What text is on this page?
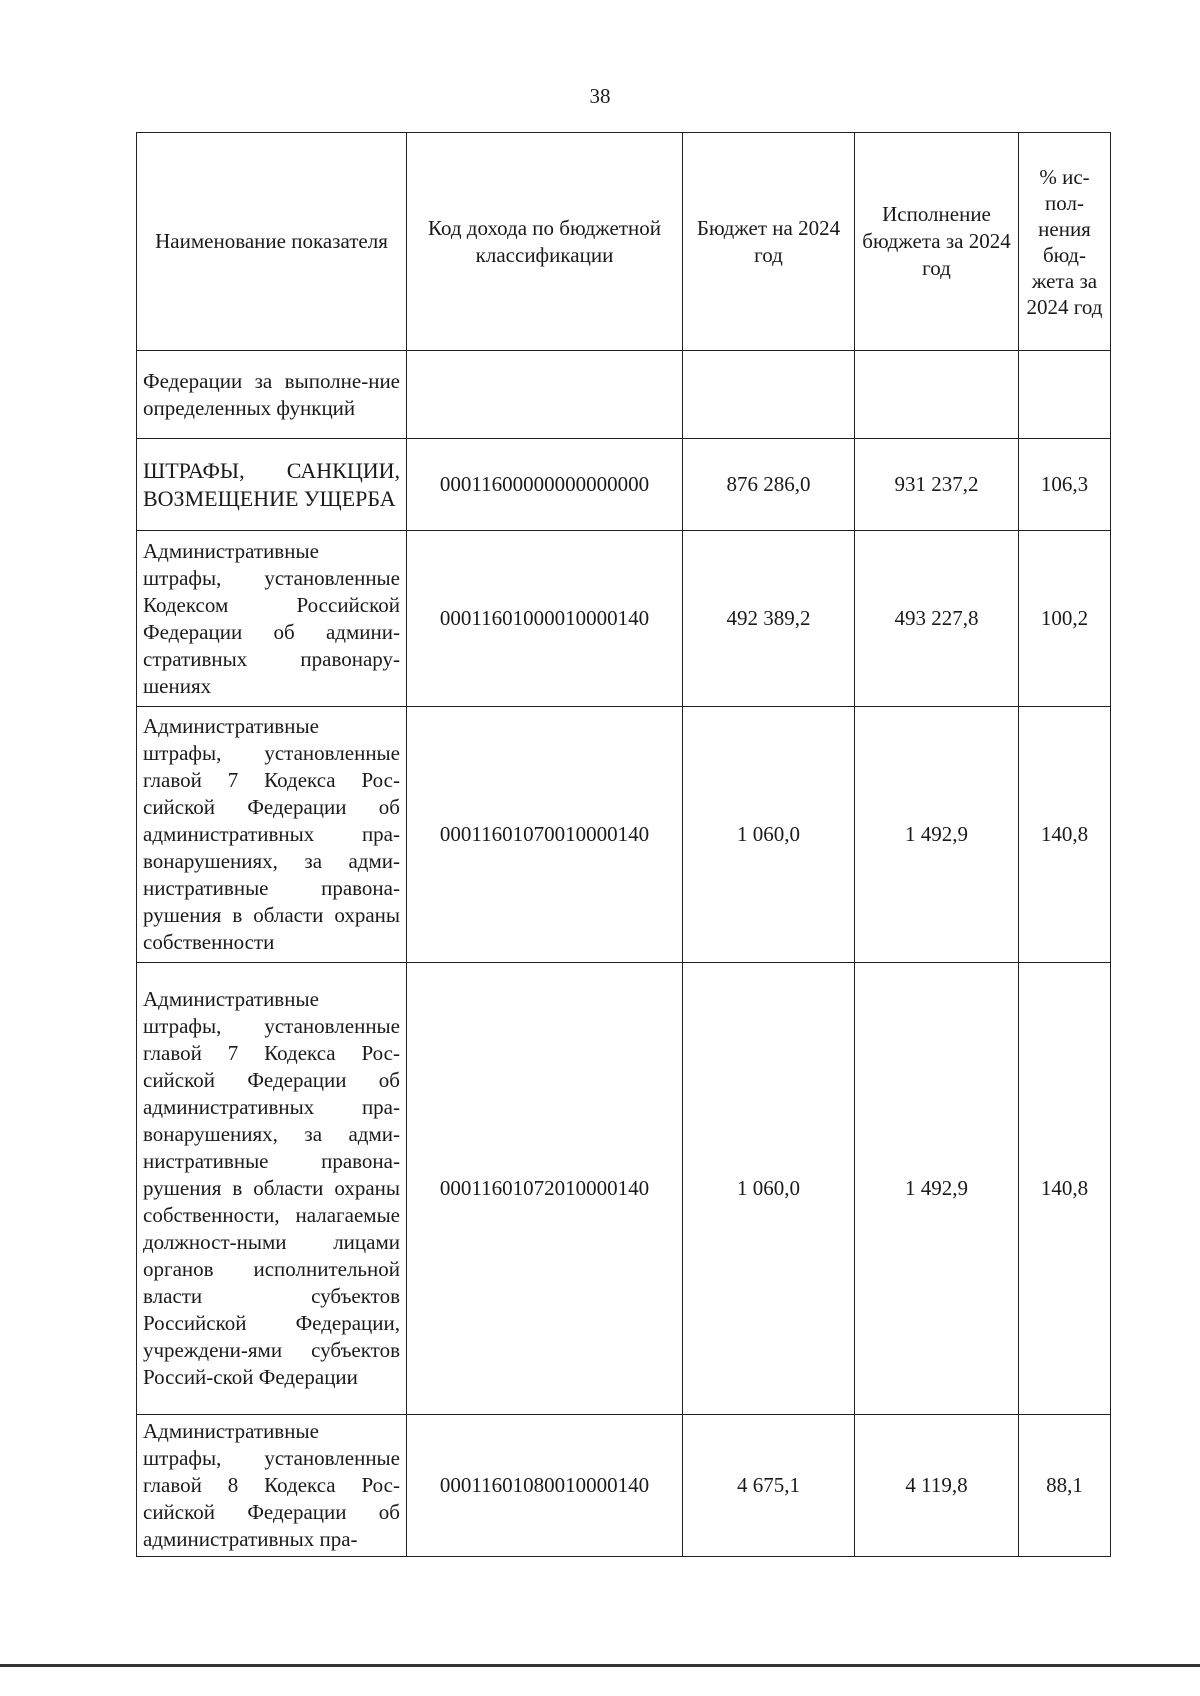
38
Наименование показателя	Код дохода по бюджетной классификации	Бюджет на 2024 год	Исполнение бюджета за 2024 год	% ис-пол-нения бюд-жета за 2024 год
Федерации за выполне-ние определенных функций				
ШТРАФЫ, САНКЦИИ, ВОЗМЕЩЕНИЕ УЩЕРБА	00011600000000000000	876 286,0	931 237,2	106,3
Административные штрафы, установленные Кодексом Российской Федерации об админи-стративных правонару-шениях	00011601000010000140	492 389,2	493 227,8	100,2
Административные штрафы, установленные главой 7 Кодекса Рос-сийской Федерации об административных пра-вонарушениях, за адми-нистративные правона-рушения в области охраны собственности	00011601070010000140	1 060,0	1 492,9	140,8
Административные штрафы, установленные главой 7 Кодекса Рос-сийской Федерации об административных пра-вонарушениях, за адми-нистративные правона-рушения в области охраны собственности, налагаемые должност-ными лицами органов исполнительной власти субъектов Российской Федерации, учреждени-ями субъектов Россий-ской Федерации	00011601072010000140	1 060,0	1 492,9	140,8
Административные штрафы, установленные главой 8 Кодекса Рос-сийской Федерации об административных пра-	00011601080010000140	4 675,1	4 119,8	88,1
